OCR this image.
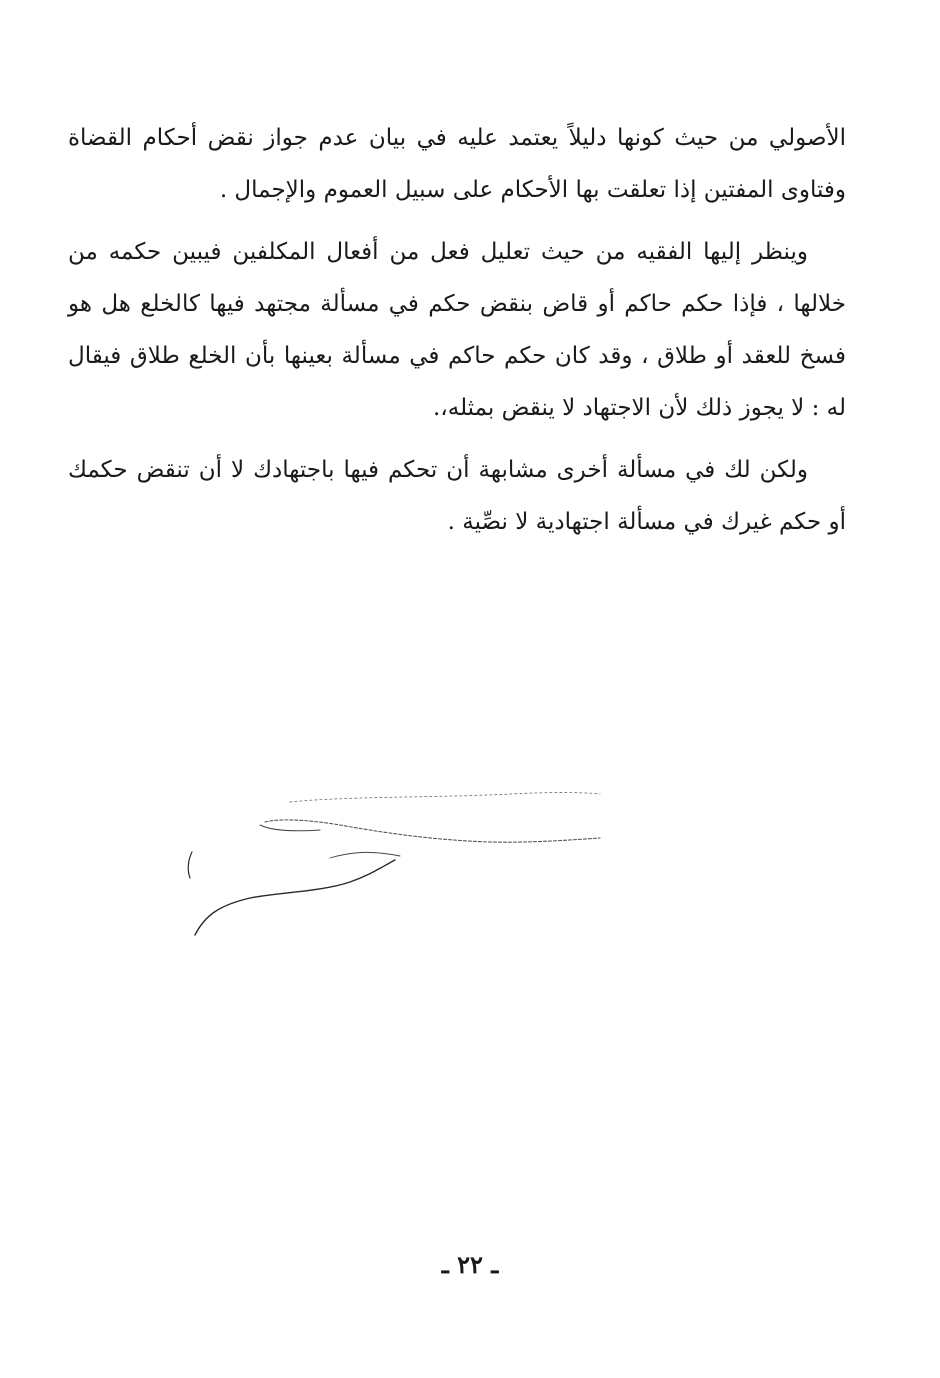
الأصولي من حيث كونها دليلاً يعتمد عليه في بيان عدم جواز نقض أحكام القضاة وفتاوى المفتين إذا تعلقت بها الأحكام على سبيل العموم والإجمال .

وينظر إليها الفقيه من حيث تعليل فعل من أفعال المكلفين فيبين حكمه من خلالها ، فإذا حكم حاكم أو قاض بنقض حكم في مسألة مجتهد فيها كالخلع هل هو فسخ للعقد أو طلاق ، وقد كان حكم حاكم في مسألة بعينها بأن الخلع طلاق فيقال له : لا يجوز ذلك لأن الاجتهاد لا ينقض بمثله،.

ولكن لك في مسألة أخرى مشابهة أن تحكم فيها باجتهادك لا أن تنقض حكمك أو حكم غيرك في مسألة اجتهادية لا نصِّية .

ـ ٢٢ ـ
